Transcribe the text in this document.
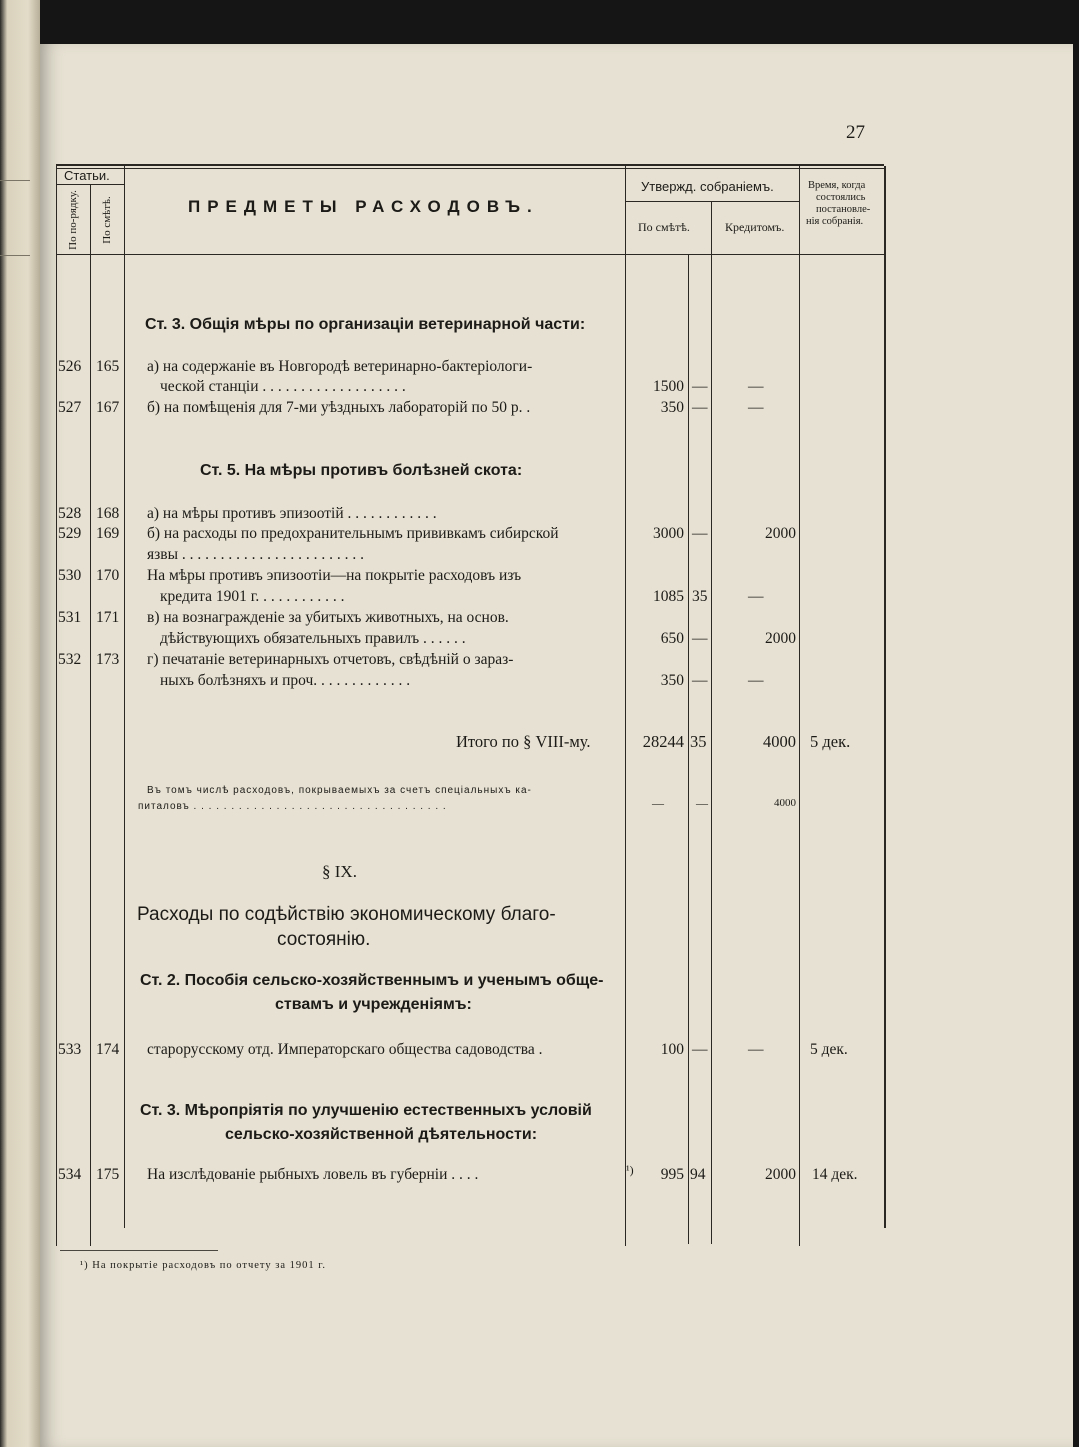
27
Статьи.
По по-рядку. По смѣтѣ.	ПРЕДМЕТЫ РАСХОДОВЪ.
Утвержд. собраніемъ.
По смѣтѣ.	Кредитомъ.
Время, когда
состоялись
постановле-
нія собранія.
Ст. 3. Общія мѣры по организаціи ветеринарной части:
526 165 а) на содержаніе въ Новгородѣ ветеринарно-бактеріологи-
ческой станціи . . . . . . . . . . . . . . . . . . .	1500 —	—
527 167 б) на помѣщенія для 7-ми уѣздныхъ лабораторій по 50 р. .	350 —	—
Ст. 5. На мѣры противъ болѣзней скота:
528 168 а) на мѣры противъ эпизоотій . . . . . . . . . . . .
529 169 б) на расходы по предохранительнымъ прививкамъ сибирской
язвы . . . . . . . . . . . . . . . . . . . . . . . .
3000 —	2000
530 170 На мѣры противъ эпизоотіи—на покрытіе расходовъ изъ
кредита 1901 г. . . . . . . . . . . .	1085 35	—
531 171 в) на вознагражденіе за убитыхъ животныхъ, на основ.
дѣйствующихъ обязательныхъ правилъ . . . . . .	650 —	2000
532 173 г) печатаніе ветеринарныхъ отчетовъ, свѣдѣній о зараз-
ныхъ болѣзняхъ и проч. . . . . . . . . . . . .	350 —	—
Итого по § VIII-му.	28244 35	4000 5 дек.
Въ томъ числѣ расходовъ, покрываемыхъ за счетъ спеціальныхъ ка-
питаловъ . . . . . . . . . . . . . . . . . . . . . . . . . . . . . . . . . .	—	—	4000
§ IX.
Расходы по содѣйствію экономическому благо-
состоянію.
Ст. 2. Пособія сельско-хозяйственнымъ и ученымъ обще-
ствамъ и учрежденіямъ:
533 174 старорусскому отд. Императорскаго общества садоводства .	100 —	—	5 дек.
Ст. 3. Мѣропріятія по улучшенію естественныхъ условій
сельско-хозяйственной дѣятельности:
534 175 На изслѣдованіе рыбныхъ ловель въ губерніи . . . .	¹)	995 94	2000 14 дек.
¹) На покрытіе расходовъ по отчету за 1901 г.
